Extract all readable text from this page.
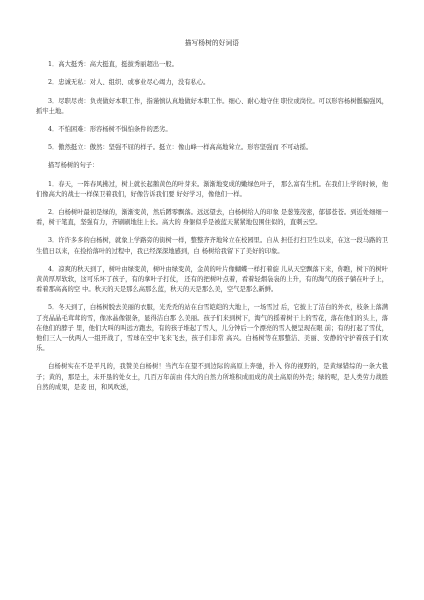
描写杨树的好词语

1．高大挺秀：高大挺直，挺拔秀丽超出一般。

2．忠诚无私：对人、组织、或事业尽心竭力，没有私心。

3．尽职尽责：负责做好本职工作，指谨慎认真地做好本职工作。细心、耐心地守住 职位或岗位。可以形容杨树骶骗强风，抓牢土地。

4．不怕困难：形容杨树不惧怕条件的恶劣。

5．傲然挺立：傲然：坚强不屈的样子。挺立：像山峰一样高高地耸立。形容坚强而 不可动摇。

描写杨树的句子：

1．春天，一阵春风拂过，树上就长起鹅黄色的叶芽来。渐渐地变成的嫩绿色叶子， 那么富有生机。在我们上学的时候，他们像高大的战士一样保卫着我们，好像告诉我们要 好好学习，像他们一样。

2．白杨树叶最初是绿的，渐渐变黄，然后蹲零飘落。远远望去，白杨树给人的印象 是葱笼茂密，郁郁苍苍。到近处细细一看，树干笔直，坚强有力，齐刷刷地往上长。高大的 身躯似乎是被蓝天紧紧地包围住似的，直刺云空。

3．许许多多的白杨树，就象上学路旁的街树一样，整整齐齐地耸立在校园里。自从 担任打扫卫生以来，在这一段马路的卫生值日以来，在捡拾落叶的过程中，我已经深深地感到，白 杨树给我留下了美好的印象。

4．凉爽的秋天到了，树叶由绿变黄，树叶由绿变黄，金黄的叶片像蝴蝶一样打着旋 儿从天空飘落下来，你瞧，树下的树叶黄黄厚厚软软，这可乐坏了孩子，有的拿叶子打仗， 还有的把树叶点着，看着轻烟袅袅的上升，有的淘气的孩子躺在叶子上，看着那高高的空 中。秋天的天是那么高那么蓝，秋天的天是那么美，空气是那么新鲜。

5．冬天到了，白杨树脱去美丽的衣服，光秃秃的站在白雪皑皑的大地上，一场雪过 后，它披上了洁白的外衣，枝条上落满了亮晶晶毛茸茸的雪，像冰晶像银条，显得洁白那 么美丽。孩子们来到树下，淘气的摇着树干上的雪花，落在他们的头上，落在他们的脖子 里，他们大叫的叫远方跑去，有的孩子堆起了雪人，儿分钟后一个漂亮的雪人便呈现在眼 前；有的打起了雪仗，他们三人一伙两人一组开战了，雪球在空中飞来飞去，孩子们非常 高兴。白杨树等在那整洁、美丽、安静的守护着孩子们欢乐。

白杨树实在不是平凡的，我赞美白杨树！当汽车在望不到边际的高原上奔驰，扑入 你的视野的，是黄绿错综的一条大毯子；黄的，那是土，未开垦的处女土，几百万年前由 伟大的自然力所堆积成而成的黄土高原的外壳；绿的呢，是人类劳力战胜自然的成果，是麦 田，和风吹送，
